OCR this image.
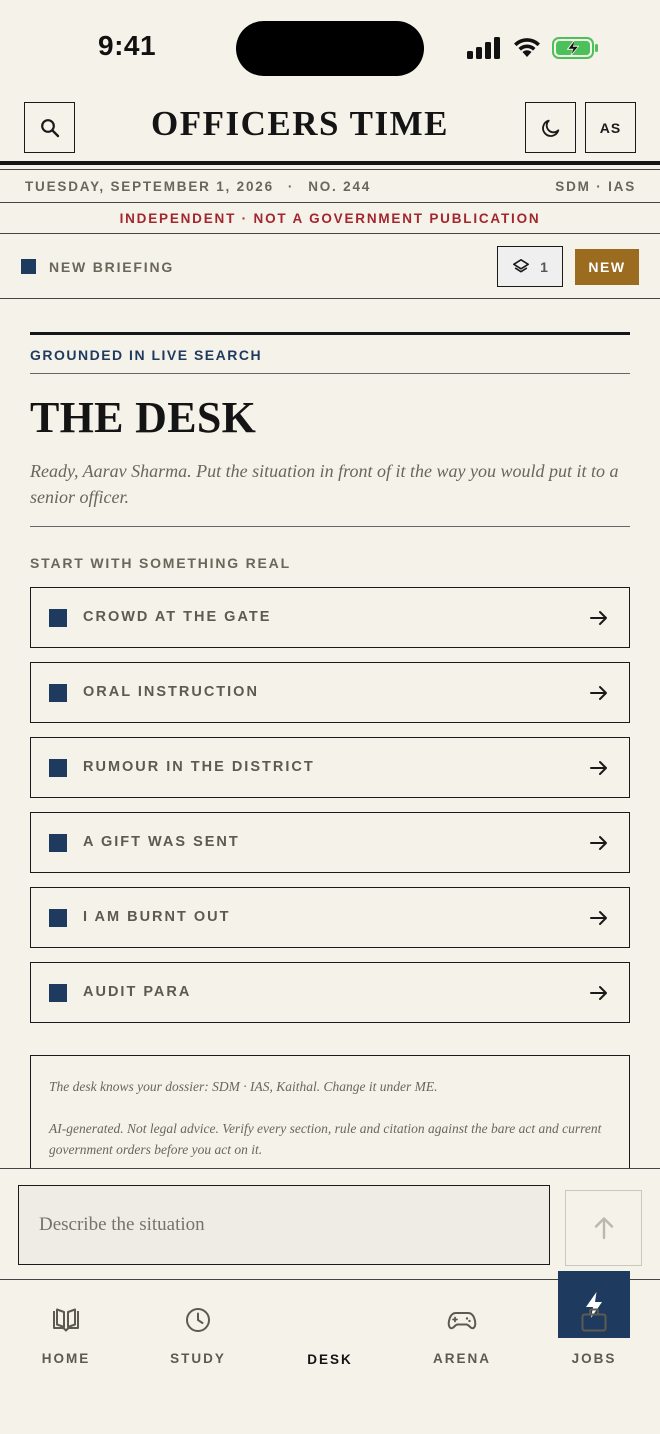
9:41
OFFICERS TIME	AS
TUESDAY, SEPTEMBER 1, 2026 · NO. 244	SDM · IAS
INDEPENDENT · NOT A GOVERNMENT PUBLICATION
NEW BRIEFING	1	NEW
GROUNDED IN LIVE SEARCH
THE DESK

Ready, Aarav Sharma. Put the situation in front of it the way you would put it to a senior officer.

START WITH SOMETHING REAL
CROWD AT THE GATE
ORAL INSTRUCTION
RUMOUR IN THE DISTRICT
A GIFT WAS SENT
I AM BURNT OUT
AUDIT PARA

The desk knows your dossier: SDM · IAS, Kaithal. Change it under ME.

AI-generated. Not legal advice. Verify every section, rule and citation against the bare act and current government orders before you act on it.

Describe the situation
HOME	STUDY	DESK	ARENA	JOBS
